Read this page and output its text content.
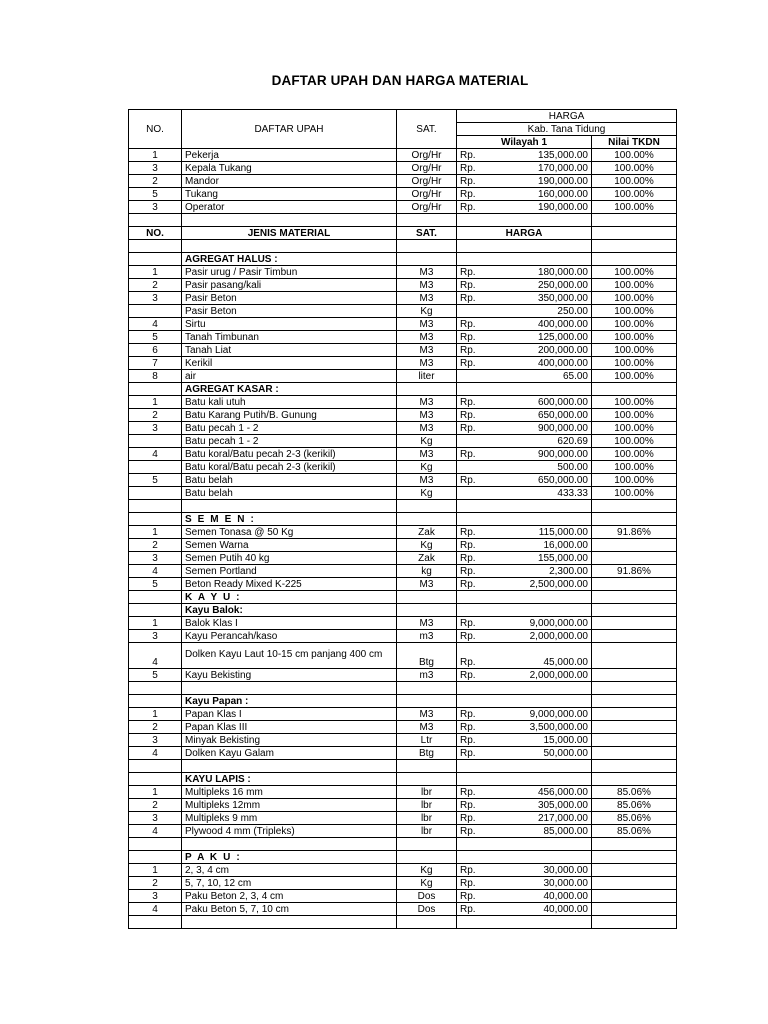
DAFTAR UPAH DAN HARGA MATERIAL
NO.	DAFTAR UPAH	SAT.	HARGA		
			Kab. Tana Tidung		
			Wilayah 1		Nilai TKDN
1	Pekerja	Org/Hr	Rp.	135,000.00	100.00%
3	Kepala Tukang	Org/Hr	Rp.	170,000.00	100.00%
2	Mandor	Org/Hr	Rp.	190,000.00	100.00%
5	Tukang	Org/Hr	Rp.	160,000.00	100.00%
3	Operator	Org/Hr	Rp.	190,000.00	100.00%

NO.	JENIS MATERIAL	SAT.	HARGA		

	AGREGAT HALUS :				
1	Pasir urug / Pasir Timbun	M3	Rp.	180,000.00	100.00%
2	Pasir pasang/kali	M3	Rp.	250,000.00	100.00%
3	Pasir Beton	M3	Rp.	350,000.00	100.00%
	Pasir Beton	Kg		250.00	100.00%
4	Sirtu	M3	Rp.	400,000.00	100.00%
5	Tanah Timbunan	M3	Rp.	125,000.00	100.00%
6	Tanah Liat	M3	Rp.	200,000.00	100.00%
7	Kerikil	M3	Rp.	400,000.00	100.00%
8	air	liter		65.00	100.00%
	AGREGAT KASAR :				
1	Batu kali utuh	M3	Rp.	600,000.00	100.00%
2	Batu Karang Putih/B. Gunung	M3	Rp.	650,000.00	100.00%
3	Batu pecah 1 - 2	M3	Rp.	900,000.00	100.00%
	Batu pecah 1 - 2	Kg		620.69	100.00%
4	Batu koral/Batu pecah 2-3 (kerikil)	M3	Rp.	900,000.00	100.00%
	Batu koral/Batu pecah 2-3 (kerikil)	Kg		500.00	100.00%
5	Batu belah	M3	Rp.	650,000.00	100.00%
	Batu belah	Kg		433.33	100.00%

	S E M E N :				
1	Semen Tonasa @ 50 Kg	Zak	Rp.	115,000.00	91.86%
2	Semen Warna	Kg	Rp.	16,000.00	
3	Semen Putih 40 kg	Zak	Rp.	155,000.00	
4	Semen Portland	kg	Rp.	2,300.00	91.86%
5	Beton Ready Mixed K-225	M3	Rp.	2,500,000.00	
	K A Y U :				
	Kayu Balok:				
1	Balok Klas I	M3	Rp.	9,000,000.00	
3	Kayu Perancah/kaso	m3	Rp.	2,000,000.00	
4	Dolken Kayu Laut 10-15 cm panjang 400 cm	Btg	Rp.	45,000.00	
5	Kayu Bekisting	m3	Rp.	2,000,000.00	

	Kayu Papan :				
1	Papan Klas I	M3	Rp.	9,000,000.00	
2	Papan Klas III	M3	Rp.	3,500,000.00	
3	Minyak Bekisting	Ltr	Rp.	15,000.00	
4	Dolken Kayu Galam	Btg	Rp.	50,000.00	

	KAYU LAPIS :				
1	Multipleks 16 mm	lbr	Rp.	456,000.00	85.06%
2	Multipleks 12mm	lbr	Rp.	305,000.00	85.06%
3	Multipleks 9 mm	lbr	Rp.	217,000.00	85.06%
4	Plywood 4 mm (Tripleks)	lbr	Rp.	85,000.00	85.06%

	P A K U :				
1	2, 3, 4 cm	Kg	Rp.	30,000.00	
2	5, 7, 10, 12 cm	Kg	Rp.	30,000.00	
3	Paku Beton 2, 3, 4 cm	Dos	Rp.	40,000.00	
4	Paku Beton 5, 7, 10 cm	Dos	Rp.	40,000.00	
